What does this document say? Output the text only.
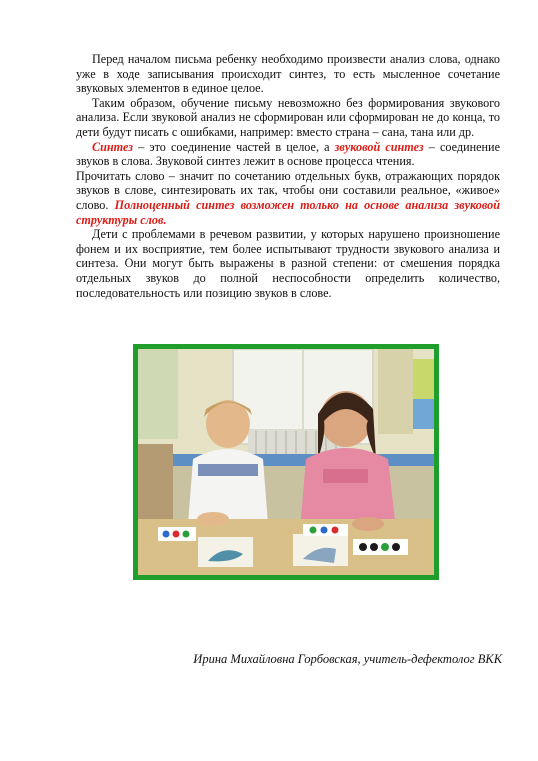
Перед началом письма ребенку необходимо произвести анализ слова, однако уже в ходе записывания происходит синтез, то есть мысленное сочетание звуковых элементов в единое целое.

Таким образом, обучение письму невозможно без формирования звукового анализа. Если звуковой анализ не сформирован или сформирован не до конца, то дети будут писать с ошибками, например: вместо страна – сана, тана или др.

Синтез – это соединение частей в целое, а звуковой синтез – соединение звуков в слова. Звуковой синтез лежит в основе процесса чтения.

Прочитать слово – значит по сочетанию отдельных букв, отражающих порядок звуков в слове, синтезировать их так, чтобы они составили реальное, «живое» слово. Полноценный синтез возможен только на основе анализа звуковой структуры слов.

Дети с проблемами в речевом развитии, у которых нарушено произношение фонем и их восприятие, тем более испытывают трудности звукового анализа и синтеза. Они могут быть выражены в разной степени: от смешения порядка отдельных звуков до полной неспособности определить количество, последовательность или позицию звуков в слове.

Ирина Михайловна Горбовская, учитель-дефектолог ВКК
